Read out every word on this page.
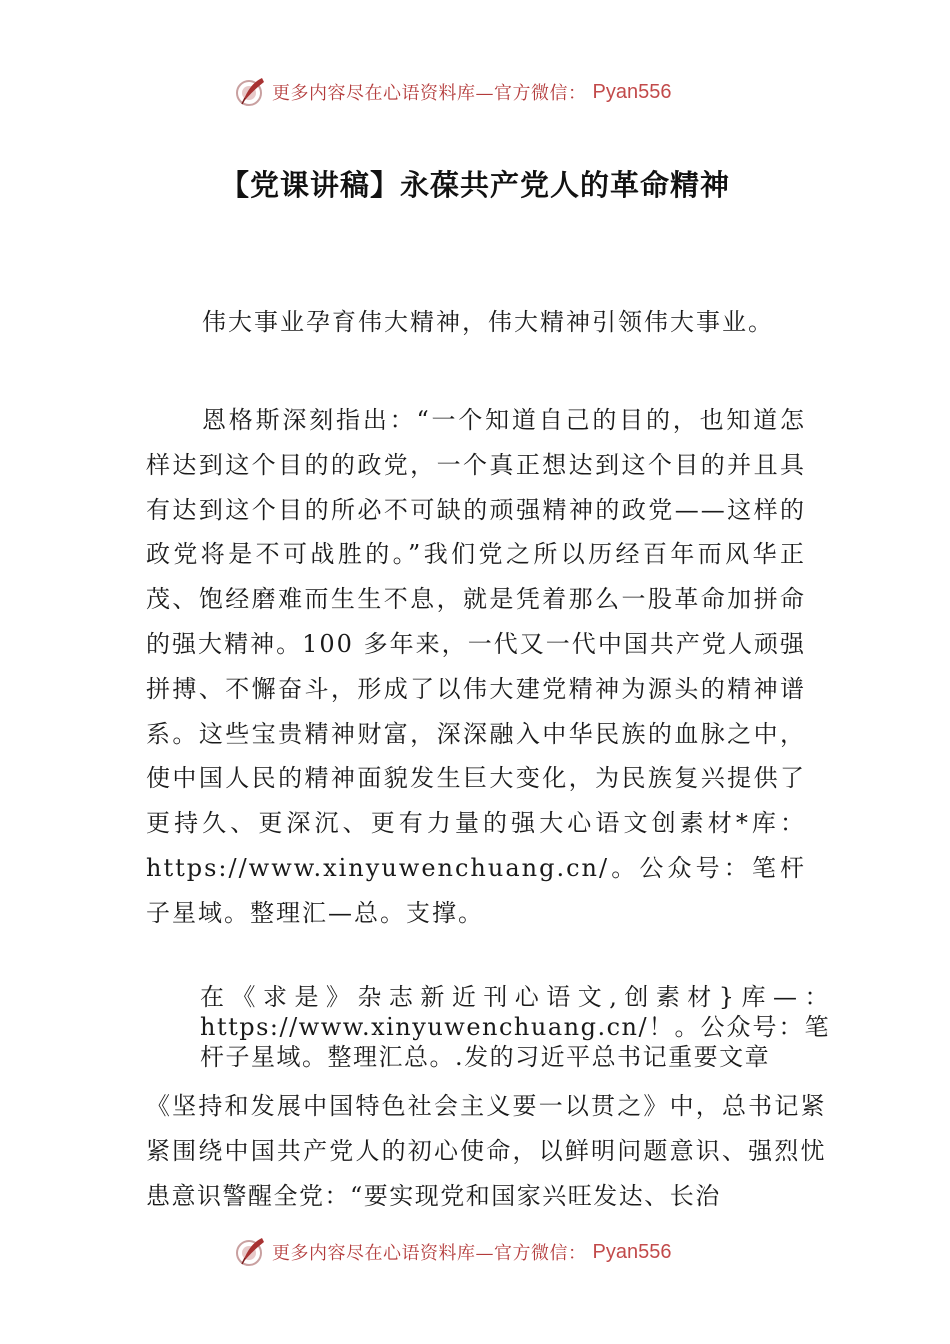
更多内容尽在心语资料库—官方微信： Pyan556
【党课讲稿】永葆共产党人的革命精神

伟大事业孕育伟大精神，伟大精神引领伟大事业。

恩格斯深刻指出：“一个知道自己的目的，也知道怎样达到这个目的的政党，一个真正想达到这个目的并且具有达到这个目的所必不可缺的顽强精神的政党——这样的政党将是不可战胜的。”我们党之所以历经百年而风华正茂、饱经磨难而生生不息，就是凭着那么一股革命加拼命的强大精神。100 多年来，一代又一代中国共产党人顽强拼搏、不懈奋斗，形成了以伟大建党精神为源头的精神谱系。这些宝贵精神财富，深深融入中华民族的血脉之中，使中国人民的精神面貌发生巨大变化，为民族复兴提供了更持久、更深沉、更有力量的强大心语文创素材*库：https://www.xinyuwenchuang.cn/。公众号：笔杆子星域。整理汇—总。支撑。

在《求是》杂志新近刊心语文,创素材}库—：https://www.xinyuwenchuang.cn/！。公众号：笔杆子星域。整理汇总。.发的习近平总书记重要文章

《坚持和发展中国特色社会主义要一以贯之》中，总书记紧紧围绕中国共产党人的初心使命，以鲜明问题意识、强烈忧患意识警醒全党：“要实现党和国家兴旺发达、长治

更多内容尽在心语资料库—官方微信： Pyan556
